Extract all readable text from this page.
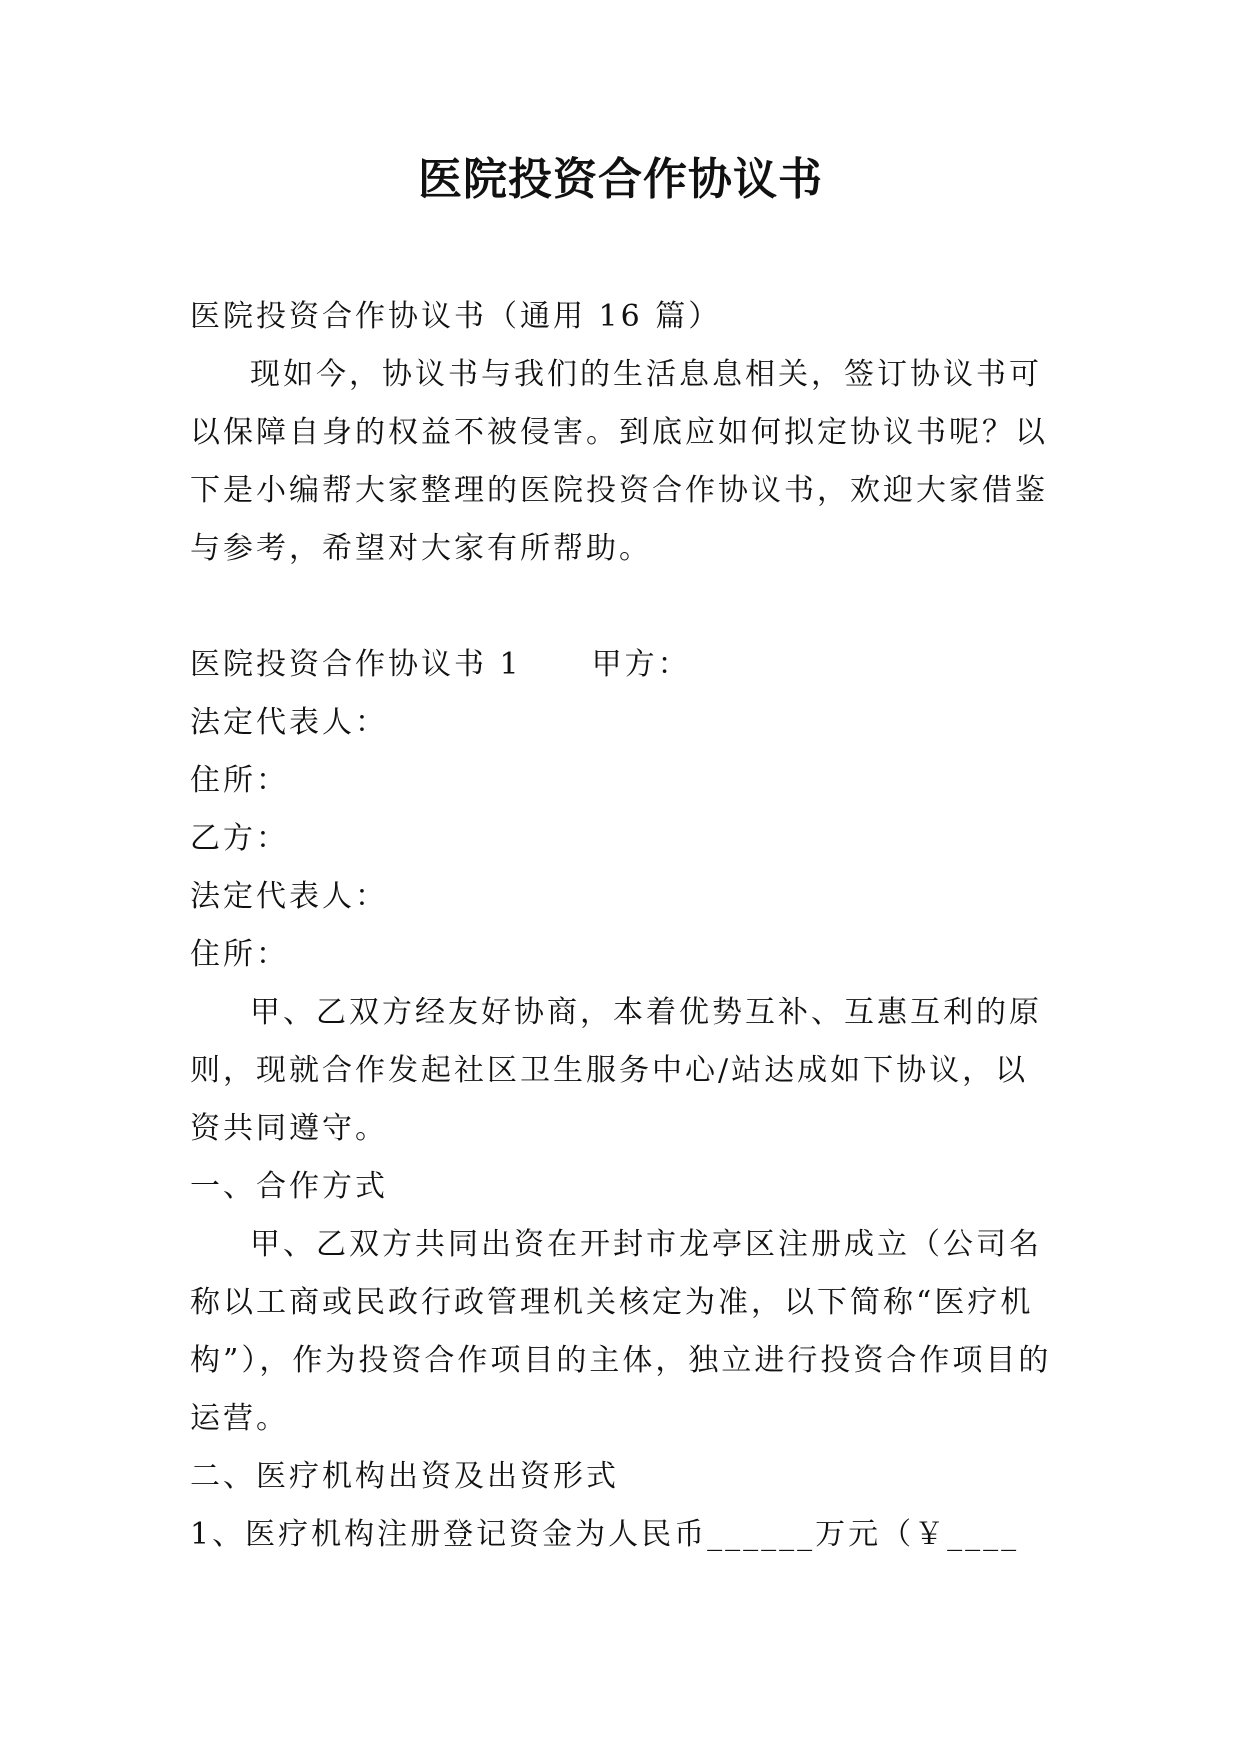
医院投资合作协议书

医院投资合作协议书（通用 16 篇）

现如今，协议书与我们的生活息息相关，签订协议书可以保障自身的权益不被侵害。到底应如何拟定协议书呢？以下是小编帮大家整理的医院投资合作协议书，欢迎大家借鉴与参考，希望对大家有所帮助。

医院投资合作协议书 1 甲方：

法定代表人：

住所：

乙方：

法定代表人：

住所：

甲、乙双方经友好协商，本着优势互补、互惠互利的原则，现就合作发起社区卫生服务中心/站达成如下协议，以资共同遵守。

一、合作方式

甲、乙双方共同出资在开封市龙亭区注册成立（公司名称以工商或民政行政管理机关核定为准，以下简称“医疗机构”），作为投资合作项目的主体，独立进行投资合作项目的运营。

二、医疗机构出资及出资形式

1、医疗机构注册登记资金为人民币______万元（￥____
